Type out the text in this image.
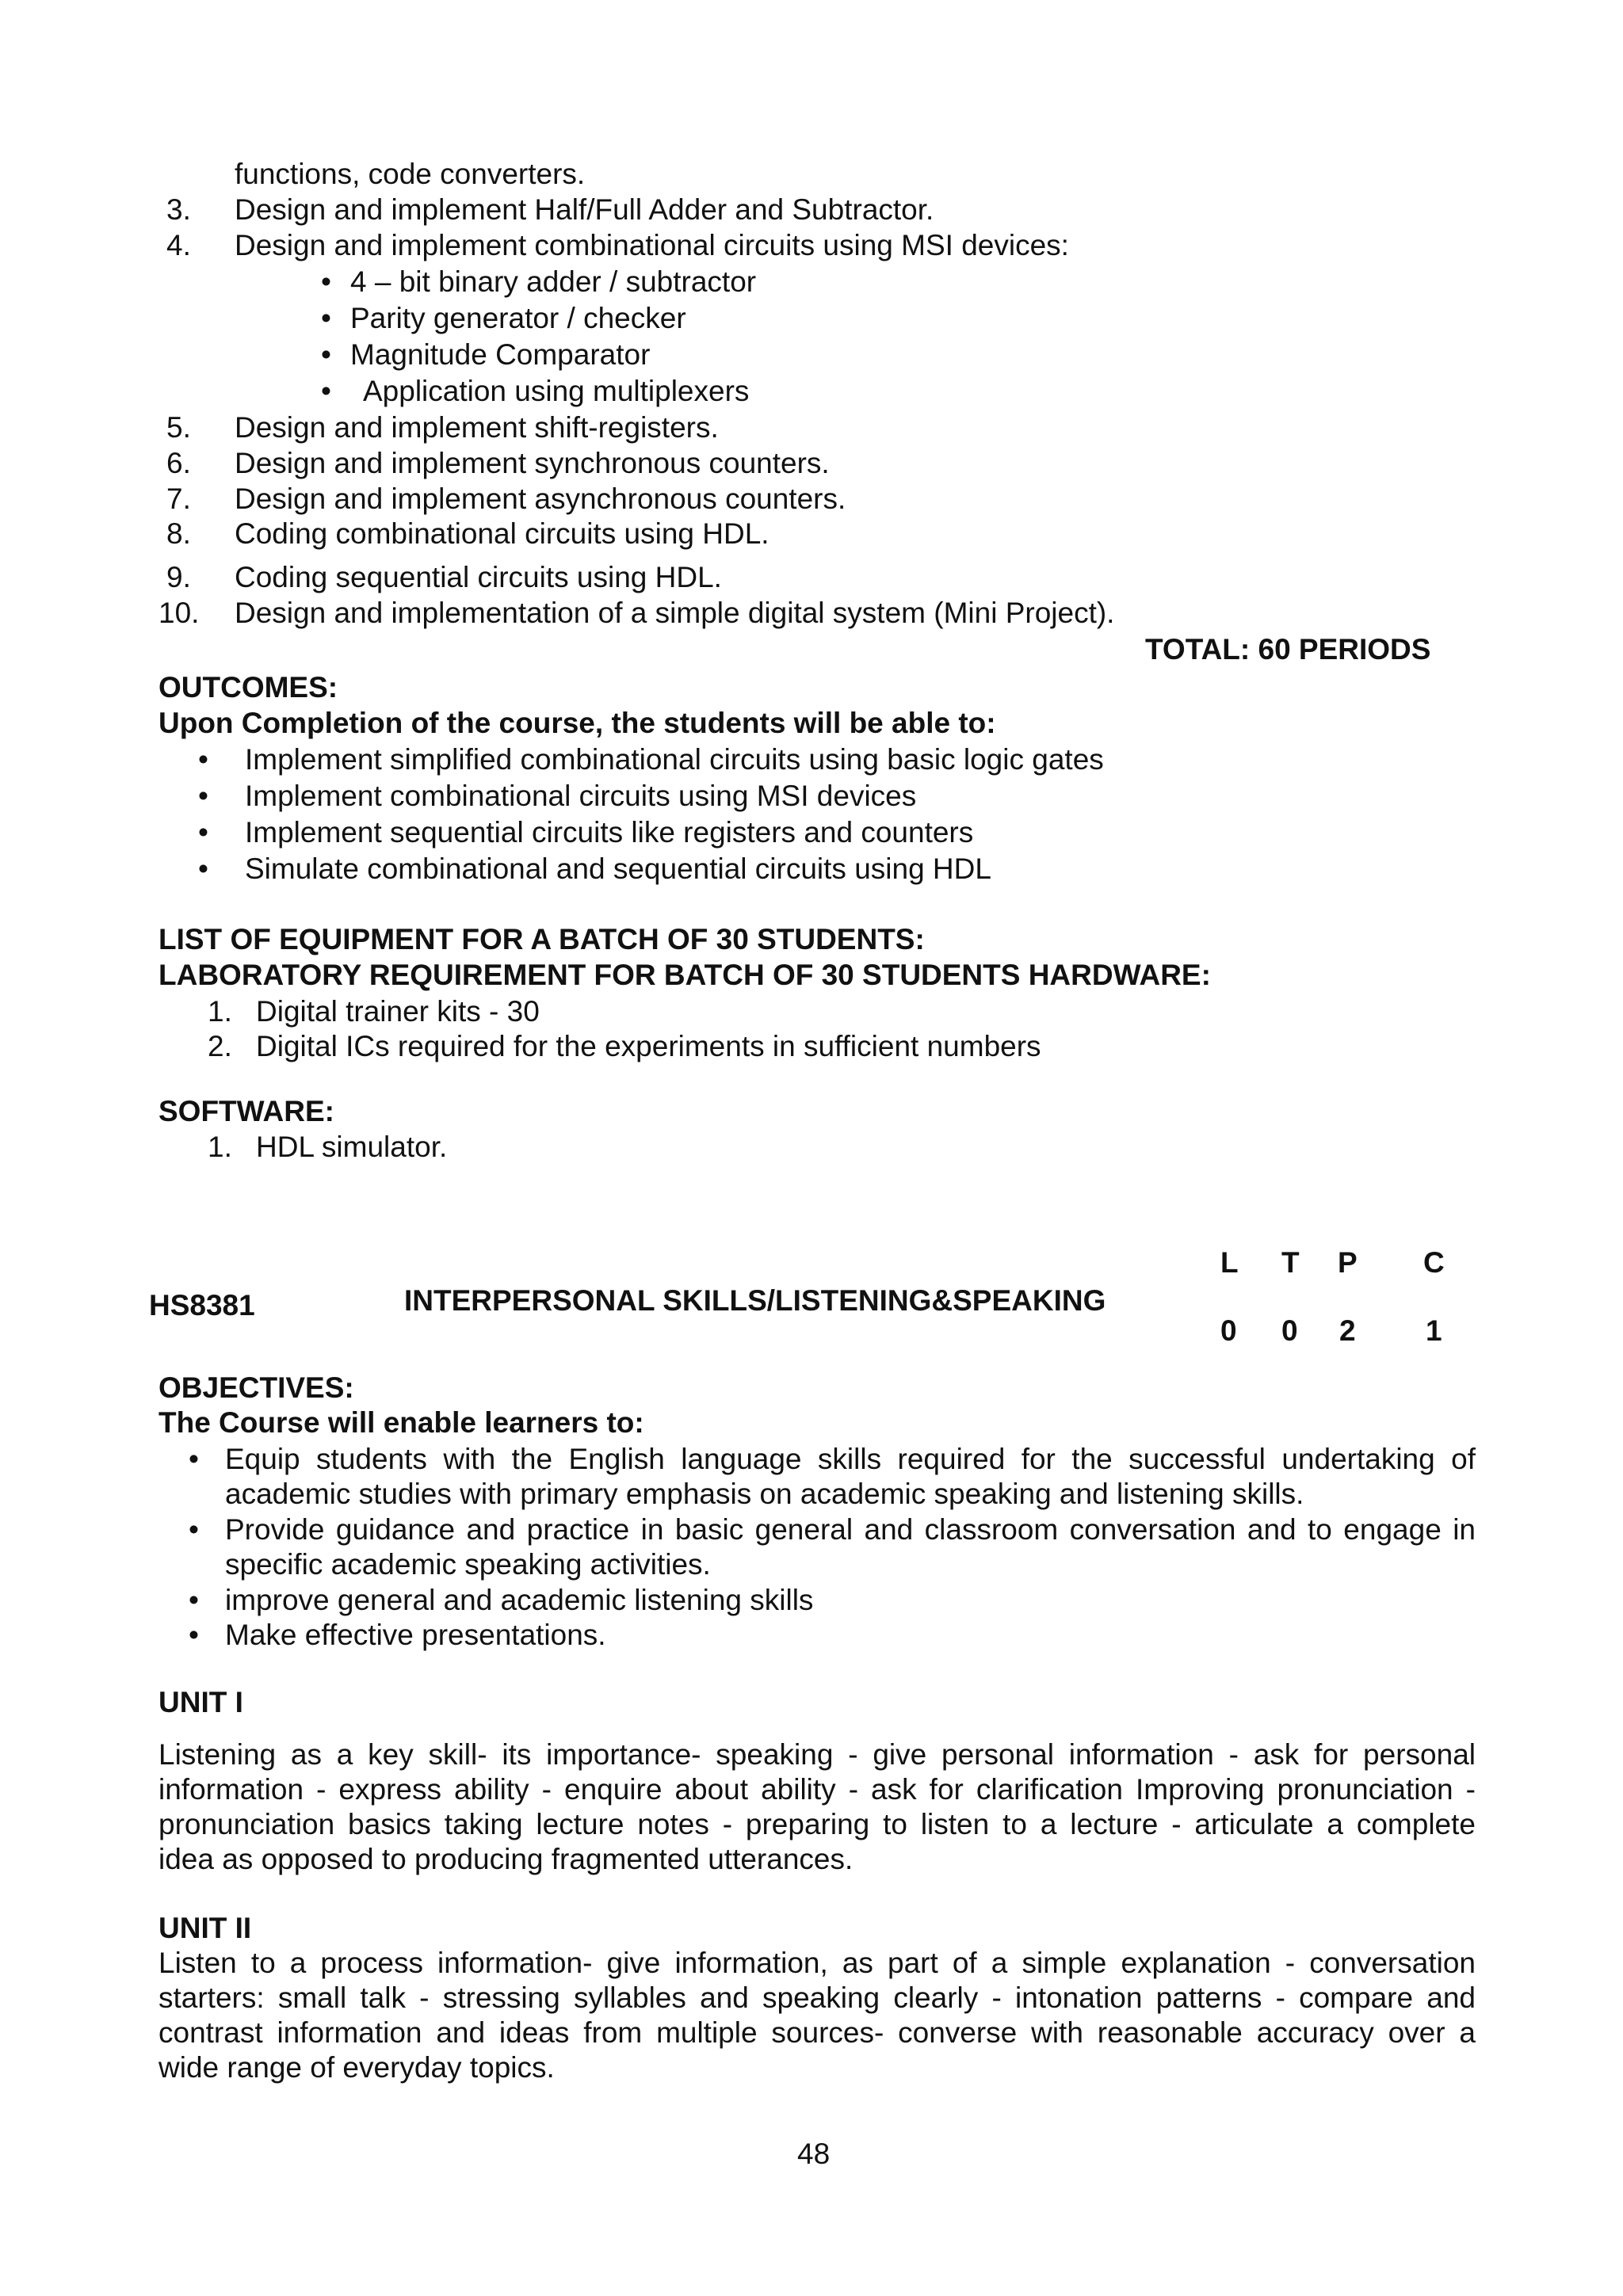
functions, code converters.
3. Design and implement Half/Full Adder and Subtractor.
4. Design and implement combinational circuits using MSI devices:
• 4 – bit binary adder / subtractor
• Parity generator / checker
• Magnitude Comparator
• Application using multiplexers
5. Design and implement shift-registers.
6. Design and implement synchronous counters.
7. Design and implement asynchronous counters.
8. Coding combinational circuits using HDL.
9. Coding sequential circuits using HDL.
10. Design and implementation of a simple digital system (Mini Project).
TOTAL: 60 PERIODS
OUTCOMES:
Upon Completion of the course, the students will be able to:
• Implement simplified combinational circuits using basic logic gates
• Implement combinational circuits using MSI devices
• Implement sequential circuits like registers and counters
• Simulate combinational and sequential circuits using HDL
LIST OF EQUIPMENT FOR A BATCH OF 30 STUDENTS:
LABORATORY REQUIREMENT FOR BATCH OF 30 STUDENTS HARDWARE:
1. Digital trainer kits - 30
2. Digital ICs required for the experiments in sufficient numbers
SOFTWARE:
1. HDL simulator.
HS8381	INTERPERSONAL SKILLS/LISTENING&SPEAKING
L T P C
0 0 2 1
OBJECTIVES:
The Course will enable learners to:
• Equip students with the English language skills required for the successful undertaking of
academic studies with primary emphasis on academic speaking and listening skills.
• Provide guidance and practice in basic general and classroom conversation and to engage in
specific academic speaking activities.
• improve general and academic listening skills
• Make effective presentations.
UNIT I
Listening as a key skill- its importance- speaking - give personal information - ask for personal
information - express ability - enquire about ability - ask for clarification Improving pronunciation -
pronunciation basics taking lecture notes - preparing to listen to a lecture - articulate a complete
idea as opposed to producing fragmented utterances.
UNIT II
Listen to a process information- give information, as part of a simple explanation - conversation
starters: small talk - stressing syllables and speaking clearly - intonation patterns - compare and
contrast information and ideas from multiple sources- converse with reasonable accuracy over a
wide range of everyday topics.
48
